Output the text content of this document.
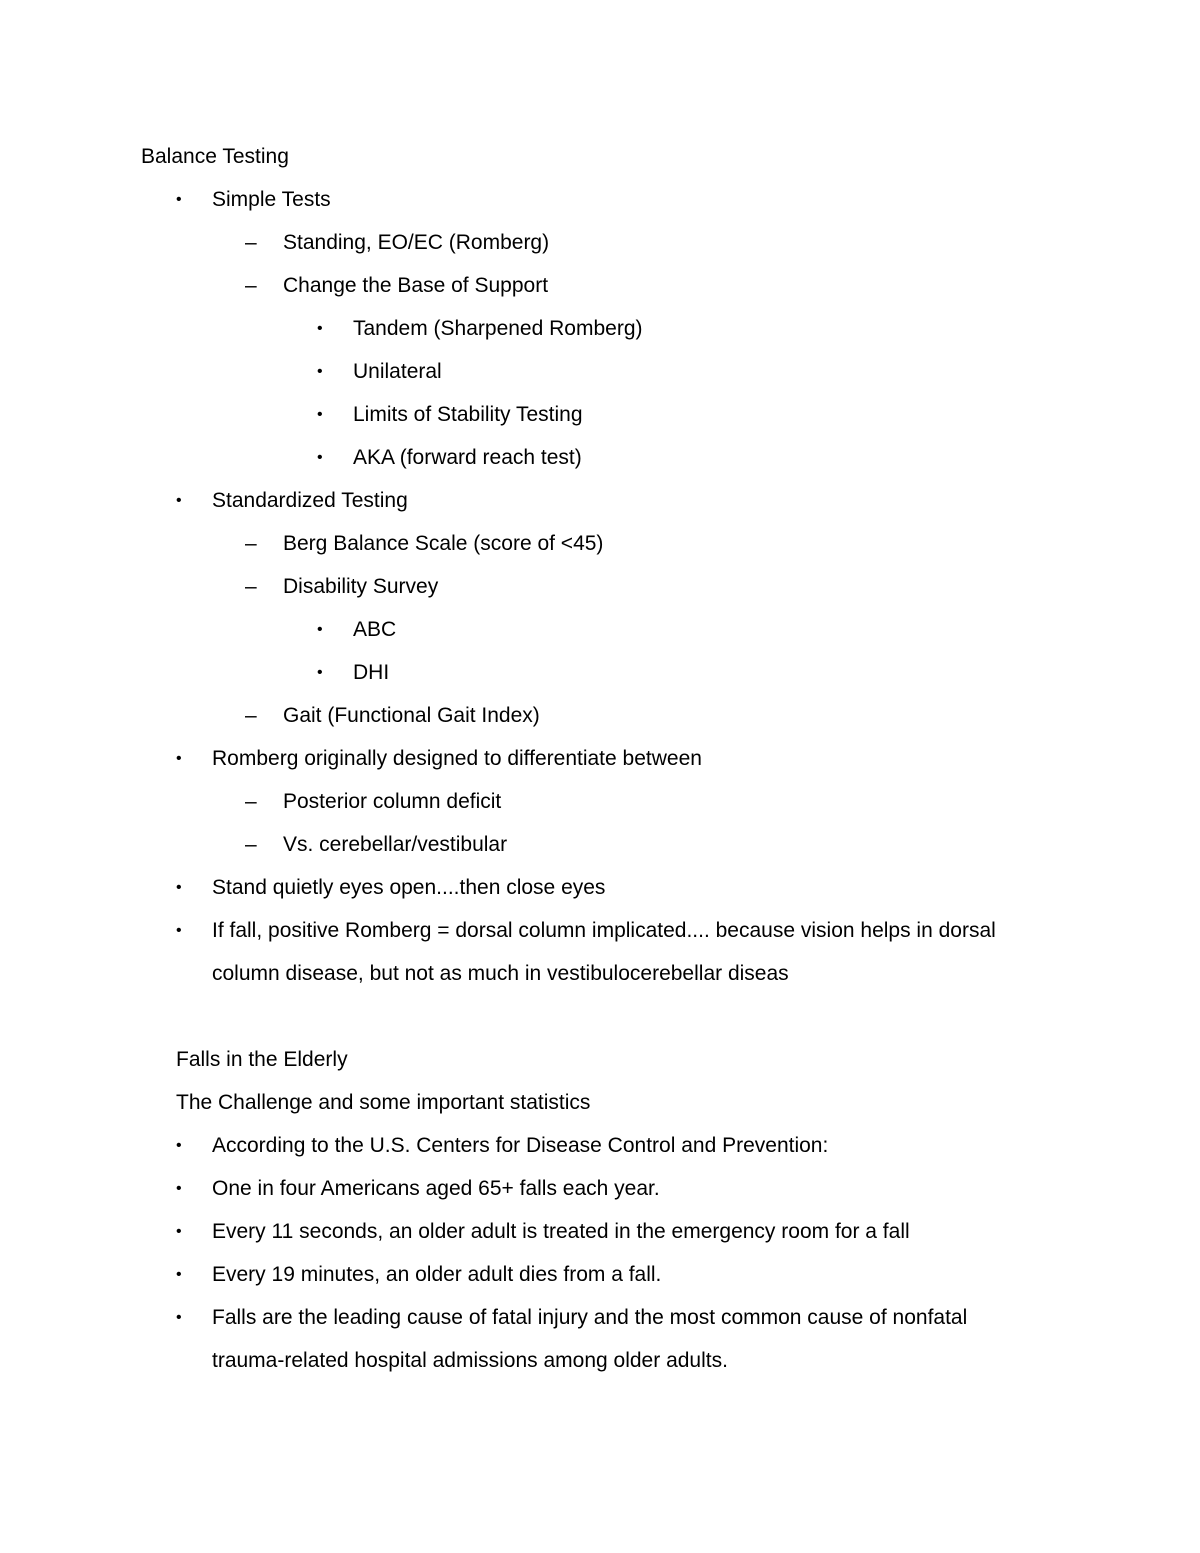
Balance Testing
• Simple Tests
– Standing, EO/EC (Romberg)
– Change the Base of Support
• Tandem (Sharpened Romberg)
• Unilateral
• Limits of Stability Testing
• AKA (forward reach test)
• Standardized Testing
– Berg Balance Scale (score of <45)
– Disability Survey
• ABC
• DHI
– Gait (Functional Gait Index)
• Romberg originally designed to differentiate between
– Posterior column deficit
– Vs. cerebellar/vestibular
• Stand quietly eyes open....then close eyes
• If fall, positive Romberg = dorsal column implicated.... because vision helps in dorsal column disease, but not as much in vestibulocerebellar diseas
Falls in the Elderly
The Challenge and some important statistics
• According to the U.S. Centers for Disease Control and Prevention:
• One in four Americans aged 65+ falls each year.
• Every 11 seconds, an older adult is treated in the emergency room for a fall
• Every 19 minutes, an older adult dies from a fall.
• Falls are the leading cause of fatal injury and the most common cause of nonfatal trauma-related hospital admissions among older adults.
